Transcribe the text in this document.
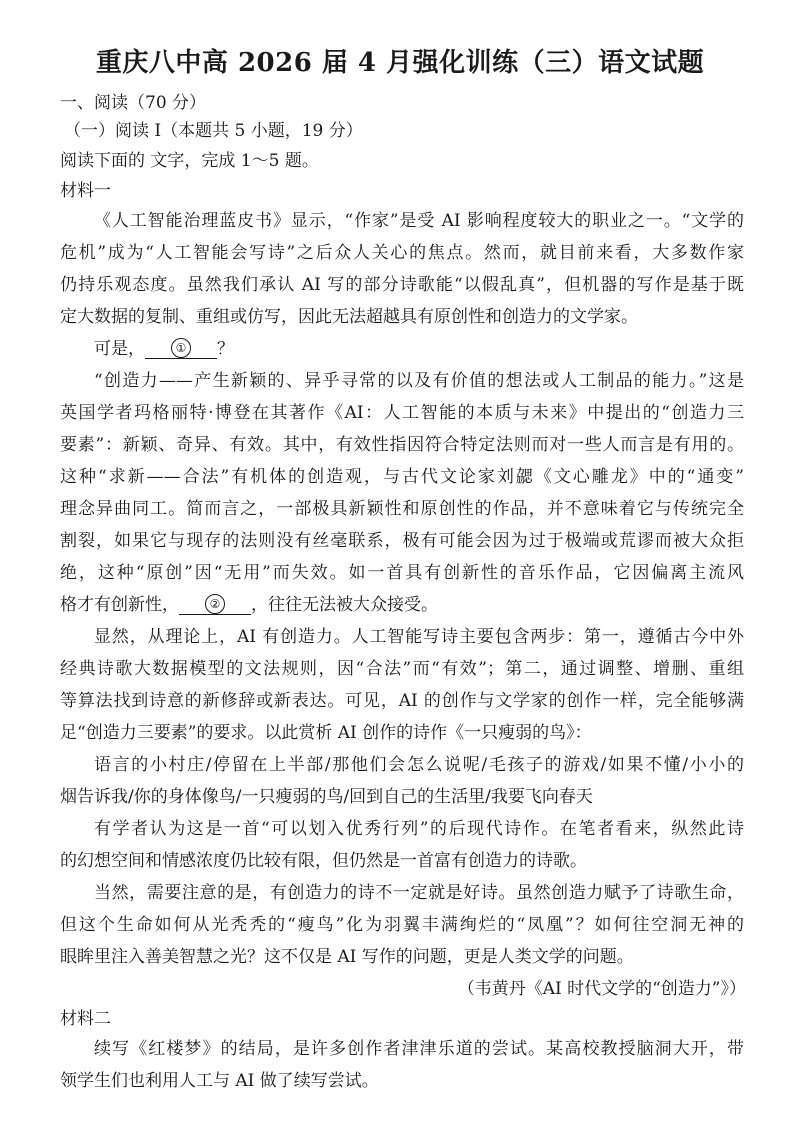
重庆八中高 2026 届 4 月强化训练（三）语文试题
一、阅读（70 分）
（一）阅读 I（本题共 5 小题，19 分）
阅读下面的 文字，完成 1～5 题。
材料一
《人工智能治理蓝皮书》显示，“作家”是受 AI 影响程度较大的职业之一。“文学的
危机”成为“人工智能会写诗”之后众人关心的焦点。然而，就目前来看，大多数作家
仍持乐观态度。虽然我们承认 AI 写的部分诗歌能“以假乱真”，但机器的写作是基于既
定大数据的复制、重组或仿写，因此无法超越具有原创性和创造力的文学家。
可是，	① ？
“创造力——产生新颖的、异乎寻常的以及有价值的想法或人工制品的能力。”这是
英国学者玛格丽特·博登在其著作《AI：人工智能的本质与未来》中提出的“创造力三
要素”：新颖、奇异、有效。其中，有效性指因符合特定法则而对一些人而言是有用的。
这种“求新——合法”有机体的创造观，与古代文论家刘勰《文心雕龙》中的“通变”
理念异曲同工。简而言之，一部极具新颖性和原创性的作品，并不意味着它与传统完全
割裂，如果它与现存的法则没有丝毫联系，极有可能会因为过于极端或荒谬而被大众拒
绝，这种“原创”因“无用”而失效。如一首具有创新性的音乐作品，它因偏离主流风
格才有创新性，	② ，往往无法被大众接受。
显然，从理论上，AI 有创造力。人工智能写诗主要包含两步：第一，遵循古今中外
经典诗歌大数据模型的文法规则，因“合法”而“有效”；第二，通过调整、增删、重组
等算法找到诗意的新修辞或新表达。可见，AI 的创作与文学家的创作一样，完全能够满
足“创造力三要素”的要求。以此赏析 AI 创作的诗作《一只瘦弱的鸟》：
语言的小村庄/停留在上半部/那他们会怎么说呢/毛孩子的游戏/如果不懂/小小的
烟告诉我/你的身体像鸟/一只瘦弱的鸟/回到自己的生活里/我要飞向春天
有学者认为这是一首“可以划入优秀行列”的后现代诗作。在笔者看来，纵然此诗
的幻想空间和情感浓度仍比较有限，但仍然是一首富有创造力的诗歌。
当然，需要注意的是，有创造力的诗不一定就是好诗。虽然创造力赋予了诗歌生命，
但这个生命如何从光秃秃的“瘦鸟”化为羽翼丰满绚烂的“凤凰”？如何往空洞无神的
眼眸里注入善美智慧之光？这不仅是 AI 写作的问题，更是人类文学的问题。
（韦黄丹《AI 时代文学的“创造力”》）
材料二
续写《红楼梦》的结局，是许多创作者津津乐道的尝试。某高校教授脑洞大开，带
领学生们也利用人工与 AI 做了续写尝试。
